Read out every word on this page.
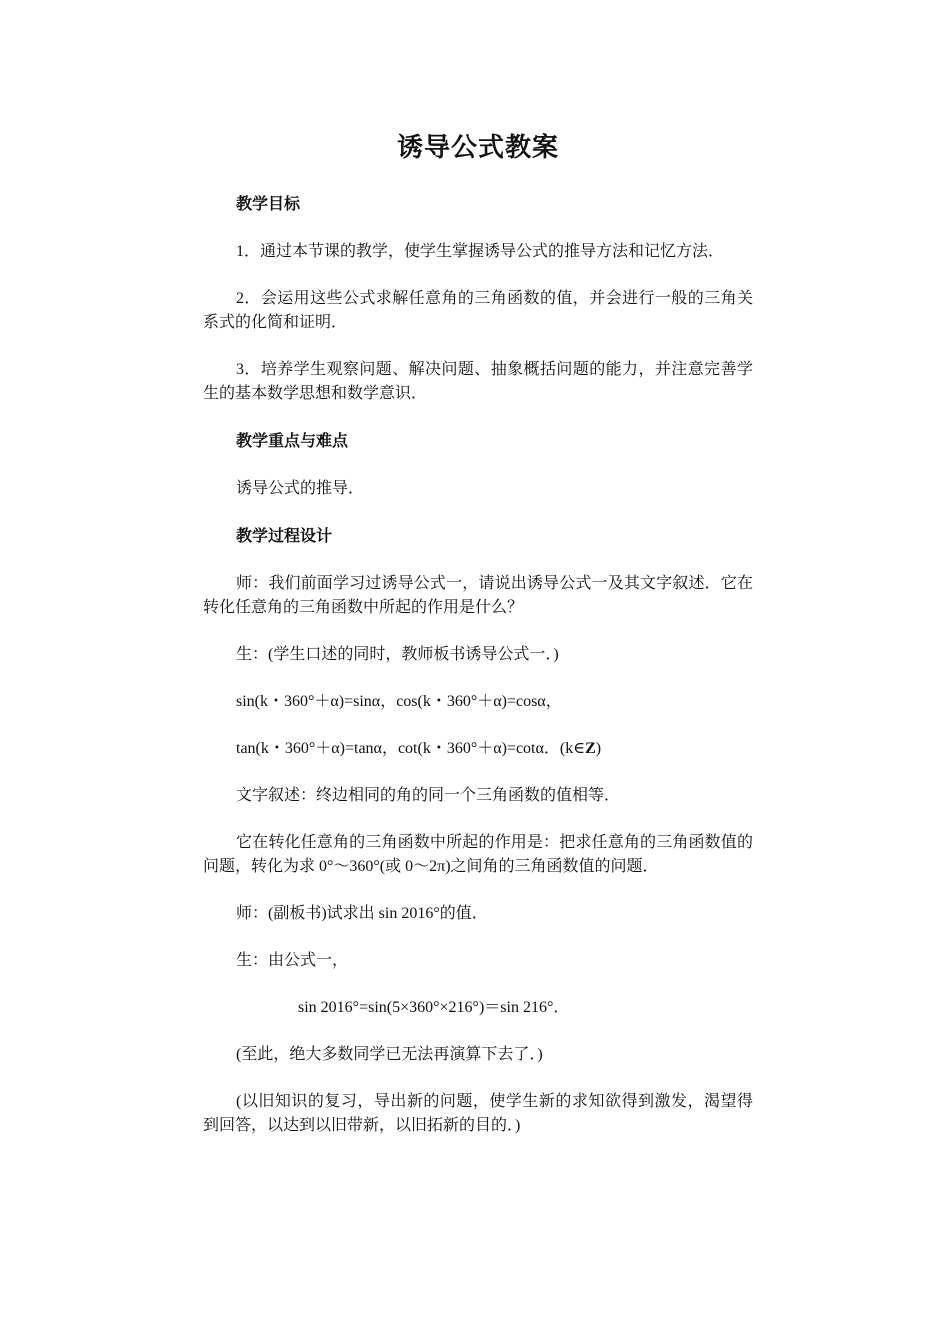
诱导公式教案
教学目标

1．通过本节课的教学，使学生掌握诱导公式的推导方法和记忆方法．

2．会运用这些公式求解任意角的三角函数的值，并会进行一般的三角关系式的化简和证明．

3．培养学生观察问题、解决问题、抽象概括问题的能力，并注意完善学生的基本数学思想和数学意识．

教学重点与难点

诱导公式的推导．

教学过程设计

师：我们前面学习过诱导公式一，请说出诱导公式一及其文字叙述．它在转化任意角的三角函数中所起的作用是什么？

生：(学生口述的同时，教师板书诱导公式一．)

sin(k・360°＋α)=sinα，cos(k・360°＋α)=cosα，

tan(k・360°＋α)=tanα，cot(k・360°＋α)=cotα．(k∈Z)

文字叙述：终边相同的角的同一个三角函数的值相等．

它在转化任意角的三角函数中所起的作用是：把求任意角的三角函数值的问题，转化为求 0°～360°(或 0～2π)之间角的三角函数值的问题．

师：(副板书)试求出 sin 2016°的值．

生：由公式一，

sin 2016°=sin(5×360°×216°)＝sin 216°．

(至此，绝大多数同学已无法再演算下去了．)

(以旧知识的复习，导出新的问题，使学生新的求知欲得到激发，渴望得到回答，以达到以旧带新，以旧拓新的目的．)
